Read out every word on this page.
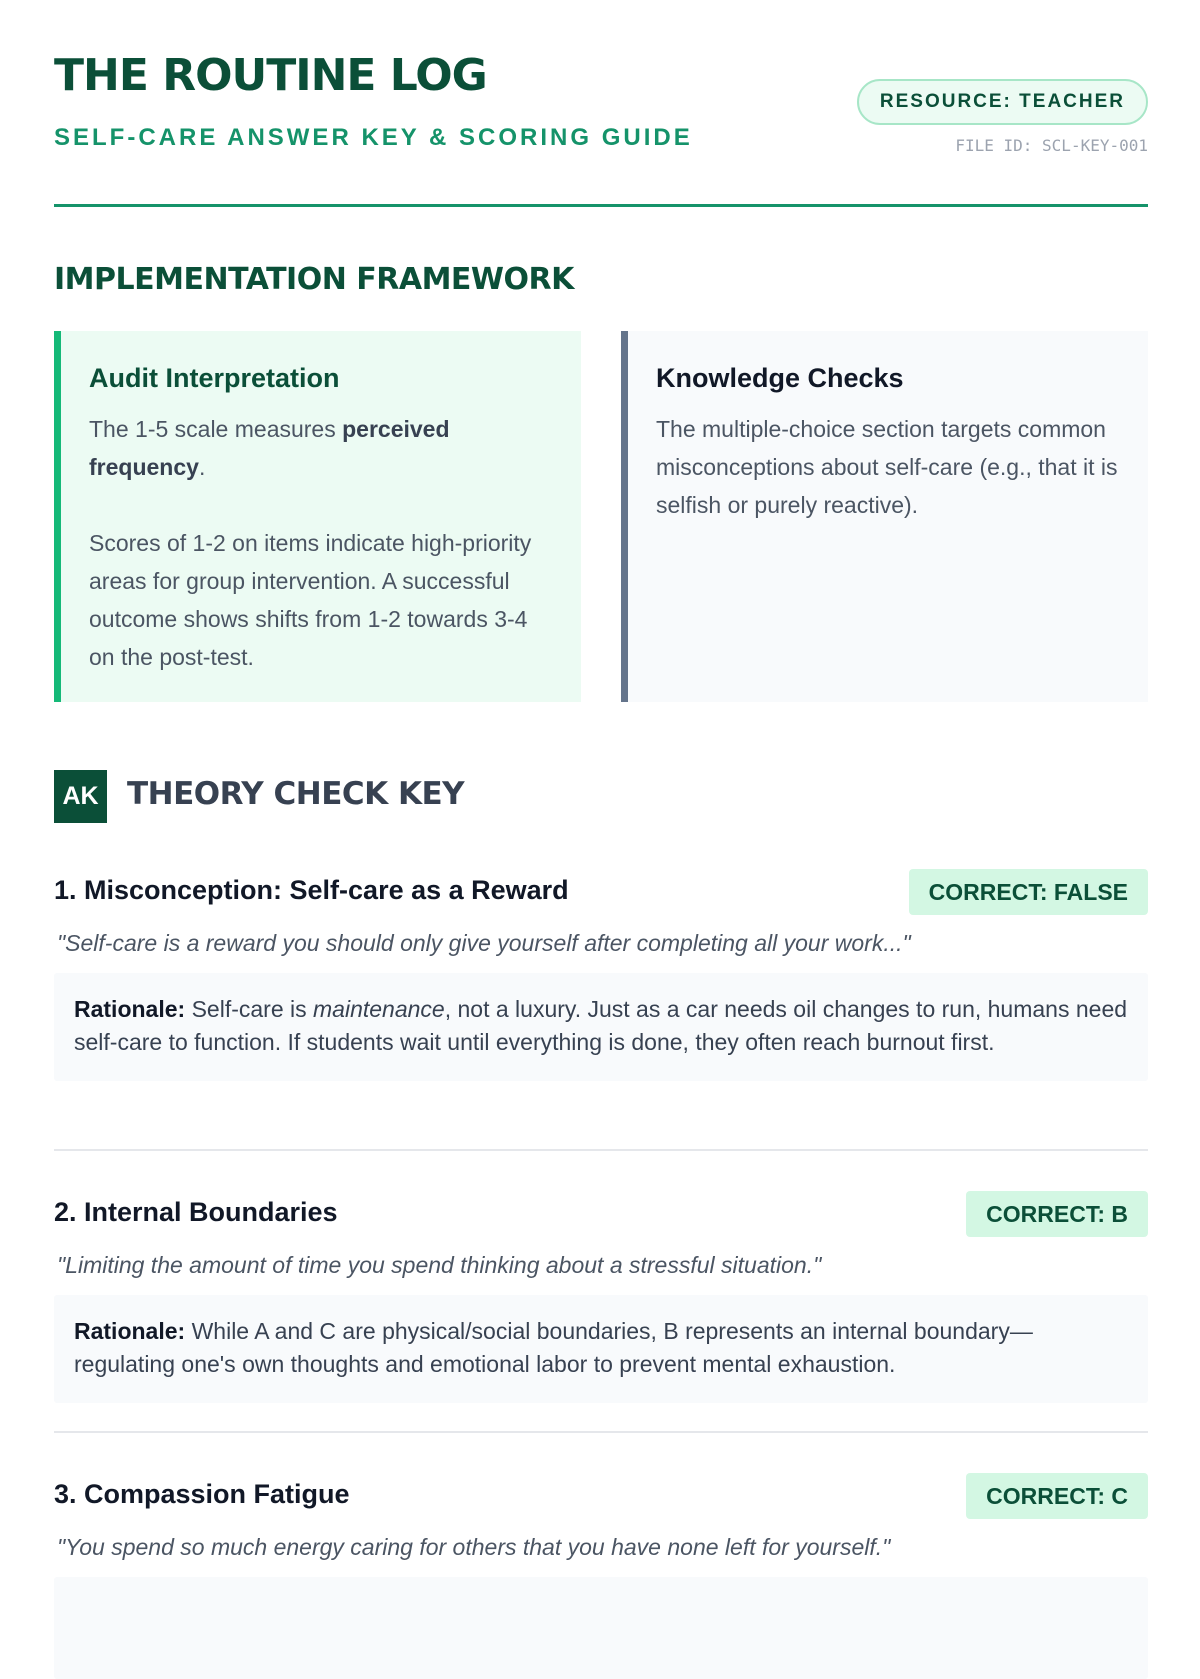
THE ROUTINE LOG
SELF-CARE ANSWER KEY & SCORING GUIDE
RESOURCE: TEACHER
FILE ID: SCL-KEY-001
IMPLEMENTATION FRAMEWORK
Audit Interpretation

The 1-5 scale measures perceived frequency.

Scores of 1-2 on items indicate high-priority areas for group intervention. A successful outcome shows shifts from 1-2 towards 3-4 on the post-test.

Knowledge Checks

The multiple-choice section targets common misconceptions about self-care (e.g., that it is selfish or purely reactive).

AK THEORY CHECK KEY
1. Misconception: Self-care as a Reward	CORRECT: FALSE
"Self-care is a reward you should only give yourself after completing all your work..."
Rationale: Self-care is maintenance, not a luxury. Just as a car needs oil changes to run, humans need self-care to function. If students wait until everything is done, they often reach burnout first.
2. Internal Boundaries	CORRECT: B
"Limiting the amount of time you spend thinking about a stressful situation."
Rationale: While A and C are physical/social boundaries, B represents an internal boundary—regulating one's own thoughts and emotional labor to prevent mental exhaustion.
3. Compassion Fatigue	CORRECT: C
"You spend so much energy caring for others that you have none left for yourself."
